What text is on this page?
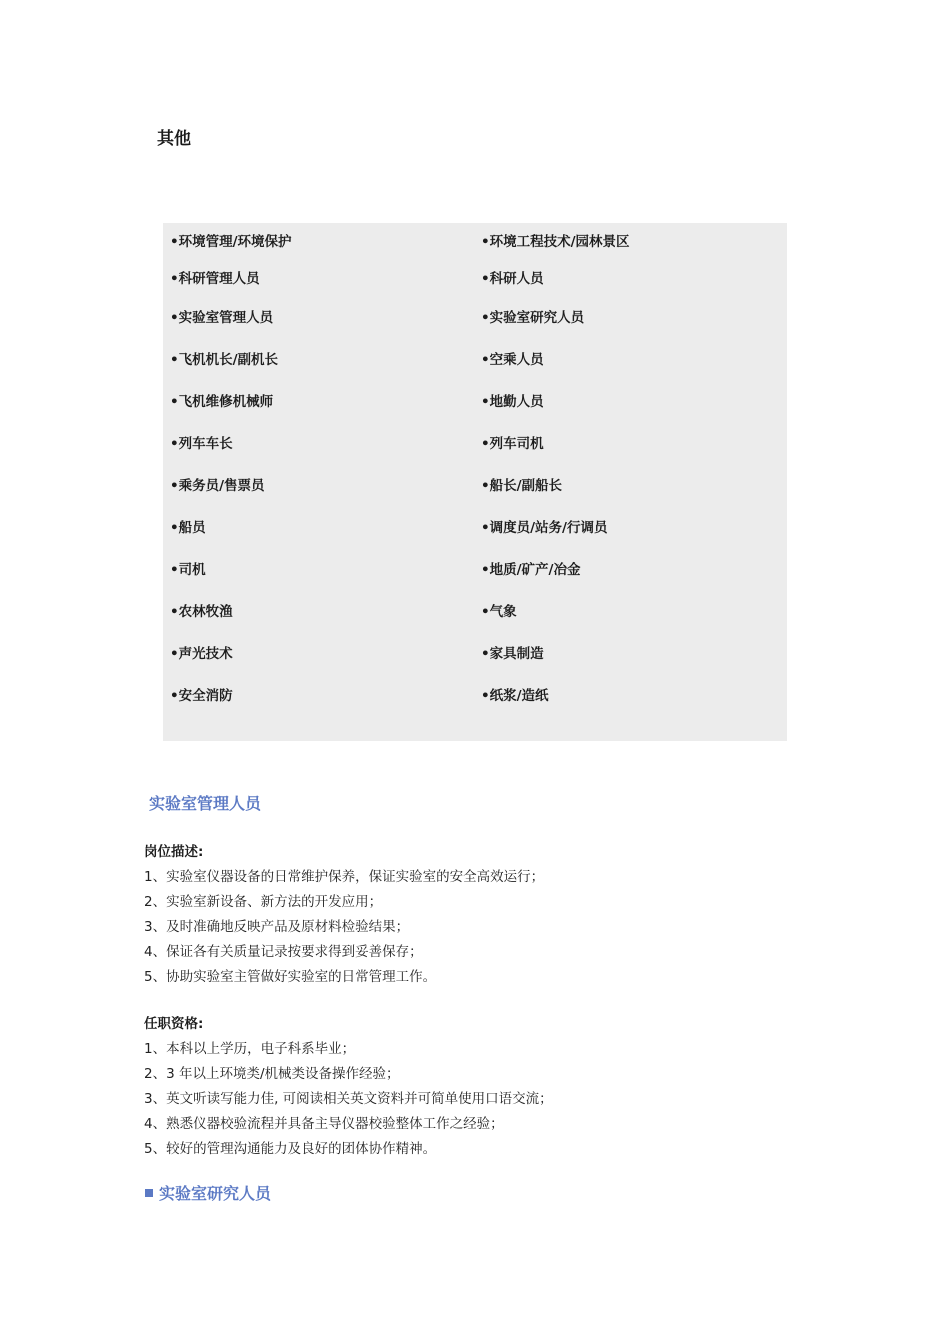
其他
•环境管理/环境保护	•环境工程技术/园林景区
•科研管理人员	•科研人员
•实验室管理人员	•实验室研究人员
•飞机机长/副机长	•空乘人员
•飞机维修机械师	•地勤人员
•列车车长	•列车司机
•乘务员/售票员	•船长/副船长
•船员	•调度员/站务/行调员
•司机	•地质/矿产/冶金
•农林牧渔	•气象
•声光技术	•家具制造
•安全消防	•纸浆/造纸
实验室管理人员
岗位描述:
1、实验室仪器设备的日常维护保养，保证实验室的安全高效运行；
2、实验室新设备、新方法的开发应用；
3、及时准确地反映产品及原材料检验结果；
4、保证各有关质量记录按要求得到妥善保存；
5、协助实验室主管做好实验室的日常管理工作。
任职资格:
1、本科以上学历，电子科系毕业；
2、3 年以上环境类/机械类设备操作经验；
3、英文听读写能力佳, 可阅读相关英文资料并可简单使用口语交流；
4、熟悉仪器校验流程并具备主导仪器校验整体工作之经验；
5、较好的管理沟通能力及良好的团体协作精神。
实验室研究人员
